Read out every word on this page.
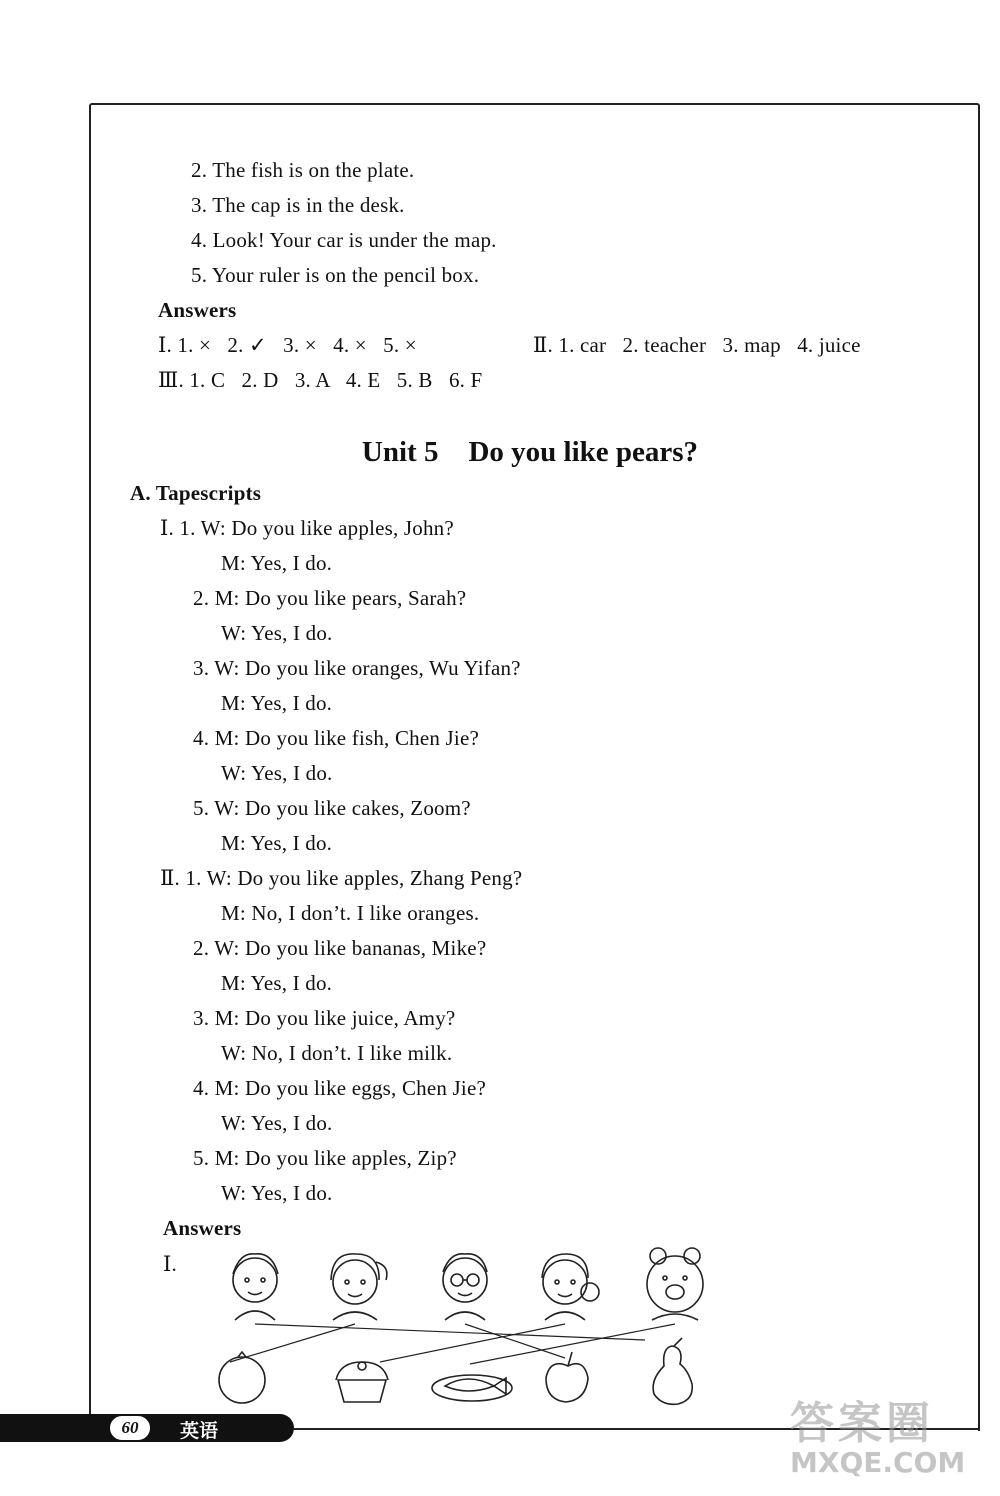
2. The fish is on the plate.
3. The cap is in the desk.
4. Look! Your car is under the map.
5. Your ruler is on the pencil box.
Answers
Ⅰ. 1. ×   2. ✓   3. ×   4. ×   5. ×	Ⅱ. 1. car   2. teacher   3. map   4. juice
Ⅲ. 1. C   2. D   3. A   4. E   5. B   6. F
Unit 5 Do you like pears?
A. Tapescripts
Ⅰ. 1. W: Do you like apples, John?
M: Yes, I do.
2. M: Do you like pears, Sarah?
W: Yes, I do.
3. W: Do you like oranges, Wu Yifan?
M: Yes, I do.
4. M: Do you like fish, Chen Jie?
W: Yes, I do.
5. W: Do you like cakes, Zoom?
M: Yes, I do.
Ⅱ. 1. W: Do you like apples, Zhang Peng?
M: No, I don’t. I like oranges.
2. W: Do you like bananas, Mike?
M: Yes, I do.
3. M: Do you like juice, Amy?
W: No, I don’t. I like milk.
4. M: Do you like eggs, Chen Jie?
W: Yes, I do.
5. M: Do you like apples, Zip?
W: Yes, I do.
Answers
Ⅰ.
60	英语	答案圈
MXQE.COM
